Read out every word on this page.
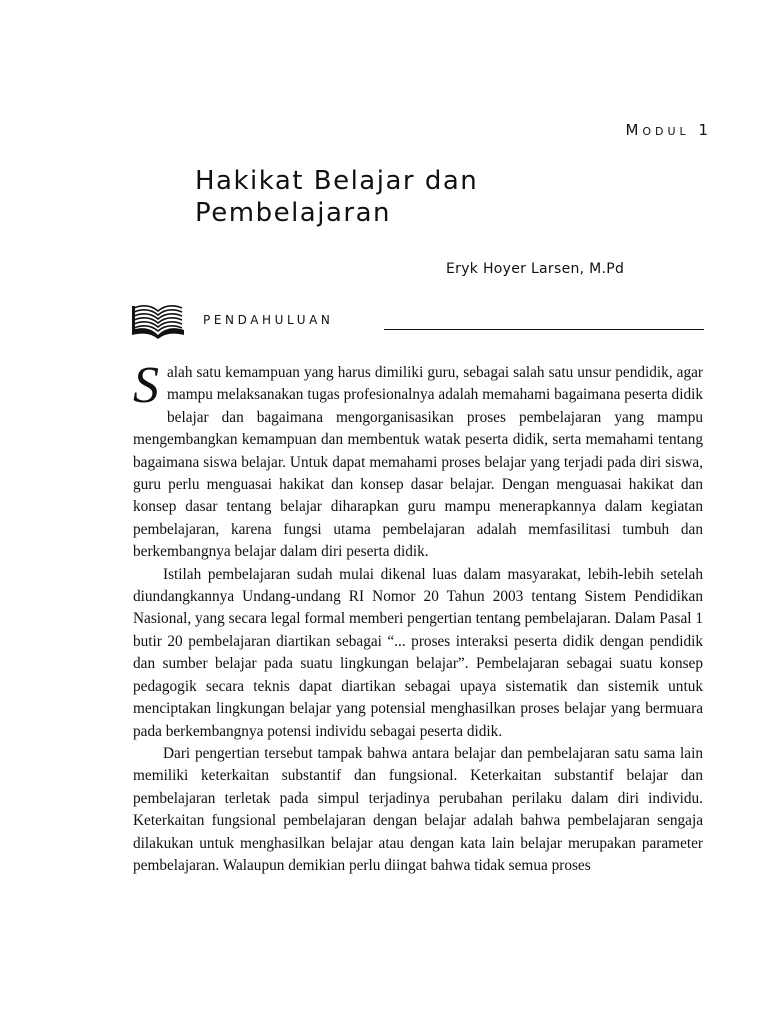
Modul 1
Hakikat Belajar dan Pembelajaran
Eryk Hoyer Larsen, M.Pd
PENDAHULUAN

S alah satu kemampuan yang harus dimiliki guru, sebagai salah satu unsur pendidik, agar mampu melaksanakan tugas profesionalnya adalah memahami bagaimana peserta didik belajar dan bagaimana mengorganisasikan proses pembelajaran yang mampu mengembangkan kemampuan dan membentuk watak peserta didik, serta memahami tentang bagaimana siswa belajar. Untuk dapat memahami proses belajar yang terjadi pada diri siswa, guru perlu menguasai hakikat dan konsep dasar belajar. Dengan menguasai hakikat dan konsep dasar tentang belajar diharapkan guru mampu menerapkannya dalam kegiatan pembelajaran, karena fungsi utama pembelajaran adalah memfasilitasi tumbuh dan berkembangnya belajar dalam diri peserta didik.

Istilah pembelajaran sudah mulai dikenal luas dalam masyarakat, lebih-lebih setelah diundangkannya Undang-undang RI Nomor 20 Tahun 2003 tentang Sistem Pendidikan Nasional, yang secara legal formal memberi pengertian tentang pembelajaran. Dalam Pasal 1 butir 20 pembelajaran diartikan sebagai “... proses interaksi peserta didik dengan pendidik dan sumber belajar pada suatu lingkungan belajar”. Pembelajaran sebagai suatu konsep pedagogik secara teknis dapat diartikan sebagai upaya sistematik dan sistemik untuk menciptakan lingkungan belajar yang potensial menghasilkan proses belajar yang bermuara pada berkembangnya potensi individu sebagai peserta didik.

Dari pengertian tersebut tampak bahwa antara belajar dan pembelajaran satu sama lain memiliki keterkaitan substantif dan fungsional. Keterkaitan substantif belajar dan pembelajaran terletak pada simpul terjadinya perubahan perilaku dalam diri individu. Keterkaitan fungsional pembelajaran dengan belajar adalah bahwa pembelajaran sengaja dilakukan untuk menghasilkan belajar atau dengan kata lain belajar merupakan parameter pembelajaran. Walaupun demikian perlu diingat bahwa tidak semua proses
